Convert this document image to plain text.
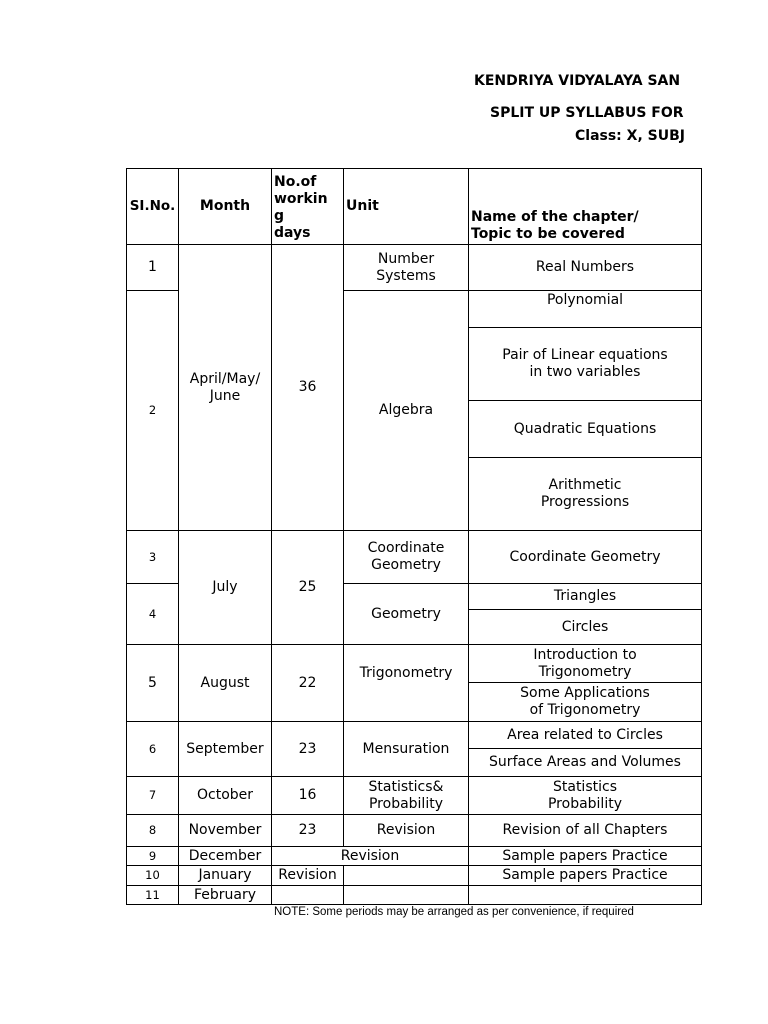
KENDRIYA VIDYALAYA SAN
SPLIT UP SYLLABUS FOR
Class: X, SUBJ
SI.No.	Month
No.of
workin
g
days
Unit
Name of the chapter/
Topic to be covered
1
2
3
4
5
6
7
8
9
10
11
April/May/
June
July
August
September
October
November
December
January
February
36
25
22
23
16
23
Revision
Number
Systems
Algebra
Coordinate
Geometry
Geometry
Trigonometry
Mensuration
Statistics&
Probability
Revision
Revision
Real Numbers
Polynomial
Pair of Linear equations
in two variables
Quadratic Equations
Arithmetic
Progressions
Coordinate Geometry
Triangles
Circles
Introduction to
Trigonometry
Some Applications
of Trigonometry
Area related to Circles
Surface Areas and Volumes
Statistics
Probability
Revision of all Chapters
Sample papers Practice
Sample papers Practice
NOTE: Some periods may be arranged as per convenience, if required
